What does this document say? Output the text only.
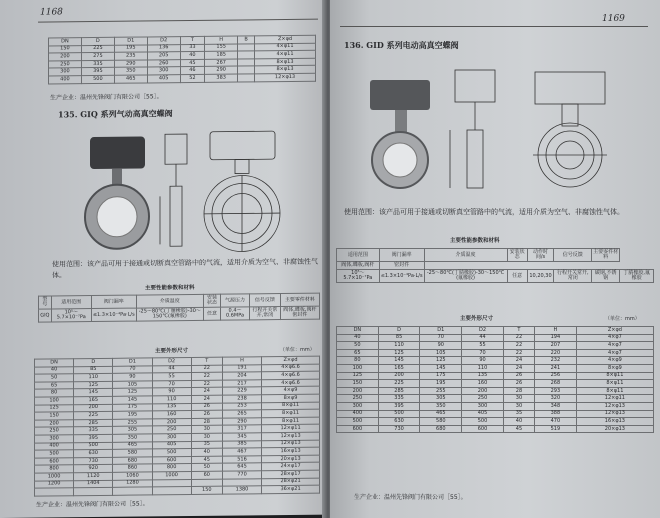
1168
DN	D	D1	D2	T	H	B	Z×φd
150	225	195	136	33	155		4×φ11
200	275	235	205	40	185		4×φ11
250	335	290	260	45	267		8×φ13
300	395	350	300	46	290		8×φ13
400	500	465	405	52	383		12×φ13
生产企业：温州先锋阀门有限公司［55］。
135. GIQ 系列气动高真空蝶阀
使用范围：该产品可用于接通或切断真空管路中的气流，适用介质为空气、非腐蚀性气体。
主要性能参数和材料
型号	适用范围	阀门漏率	介质温度	安装状态	气源压力	信号反馈	主要零件材料
GIQ	10⁵～5.7×10⁻⁷Pa	≤1.3×10⁻⁴Pa·L/s	-25～80℃(丁腈橡胶)-30～150℃(氟橡胶)	任意	0.4～0.6MPa	行程开关常开,常闭	阀体,蝶板,阀杆　密封件
主要外形尺寸	（单位：mm）
DN	D	D1	D2	T	H	Z×φd
40	85	70	44	22	191	4×φ6.6
50	110	90	55	22	204	4×φ6.6
65	125	105	70	22	217	4×φ6.6
80	145	125	90	24	229	4×φ9
100	165	145	110	24	238	8×φ9
125	200	175	135	26	253	8×φ11
150	225	195	160	26	265	8×φ11
200	285	255	200	28	290	8×φ11
250	335	305	250	30	317	12×φ11
300	395	350	300	30	345	12×φ13
400	500	465	405	35	385	12×φ13
500	630	580	500	40	467	16×φ13
600	730	680	600	45	516	20×φ13
800	920	860	800	50	645	24×φ17
1000	1120	1060	1000	60	770	28×φ17
1200	1404	1280				28×φ21
				150	1380	36×φ21
生产企业：温州先锋阀门有限公司［55］。
1169
136. GID 系列电动高真空蝶阀
使用范围：该产品可用于接通或切断真空管路中的气流，适用介质为空气、非腐蚀性气体。
主要性能参数和材料
适用范围	阀门漏率	介质温度	安装状态	动作时间/s	信号反馈	主要零件材料	
阀体,蝶板,阀杆	密封件						
10⁵～5.7×10⁻⁷Pa	≤1.3×10⁻⁴Pa·L/s	-25～80℃(丁腈橡胶)-30～150℃(氟橡胶)	任意	10,20,30	行程开关常开,常闭	碳钢,不锈钢	丁腈橡胶,氟橡胶
主要外形尺寸	（单位：mm）
DN	D	D1	D2	T	H	Z×φd
40	85	70	44	22	194	4×φ7
50	110	90	55	22	207	4×φ7
65	125	105	70	22	220	4×φ7
80	145	125	90	24	232	4×φ9
100	165	145	110	24	241	8×φ9
125	200	175	135	26	256	8×φ11
150	225	195	160	26	268	8×φ11
200	285	255	200	28	293	8×φ11
250	335	305	250	30	320	12×φ11
300	395	350	300	30	348	12×φ13
400	500	465	405	35	388	12×φ13
500	630	580	500	40	470	16×φ13
600	730	680	600	45	519	20×φ13
生产企业：温州先锋阀门有限公司［55］。
